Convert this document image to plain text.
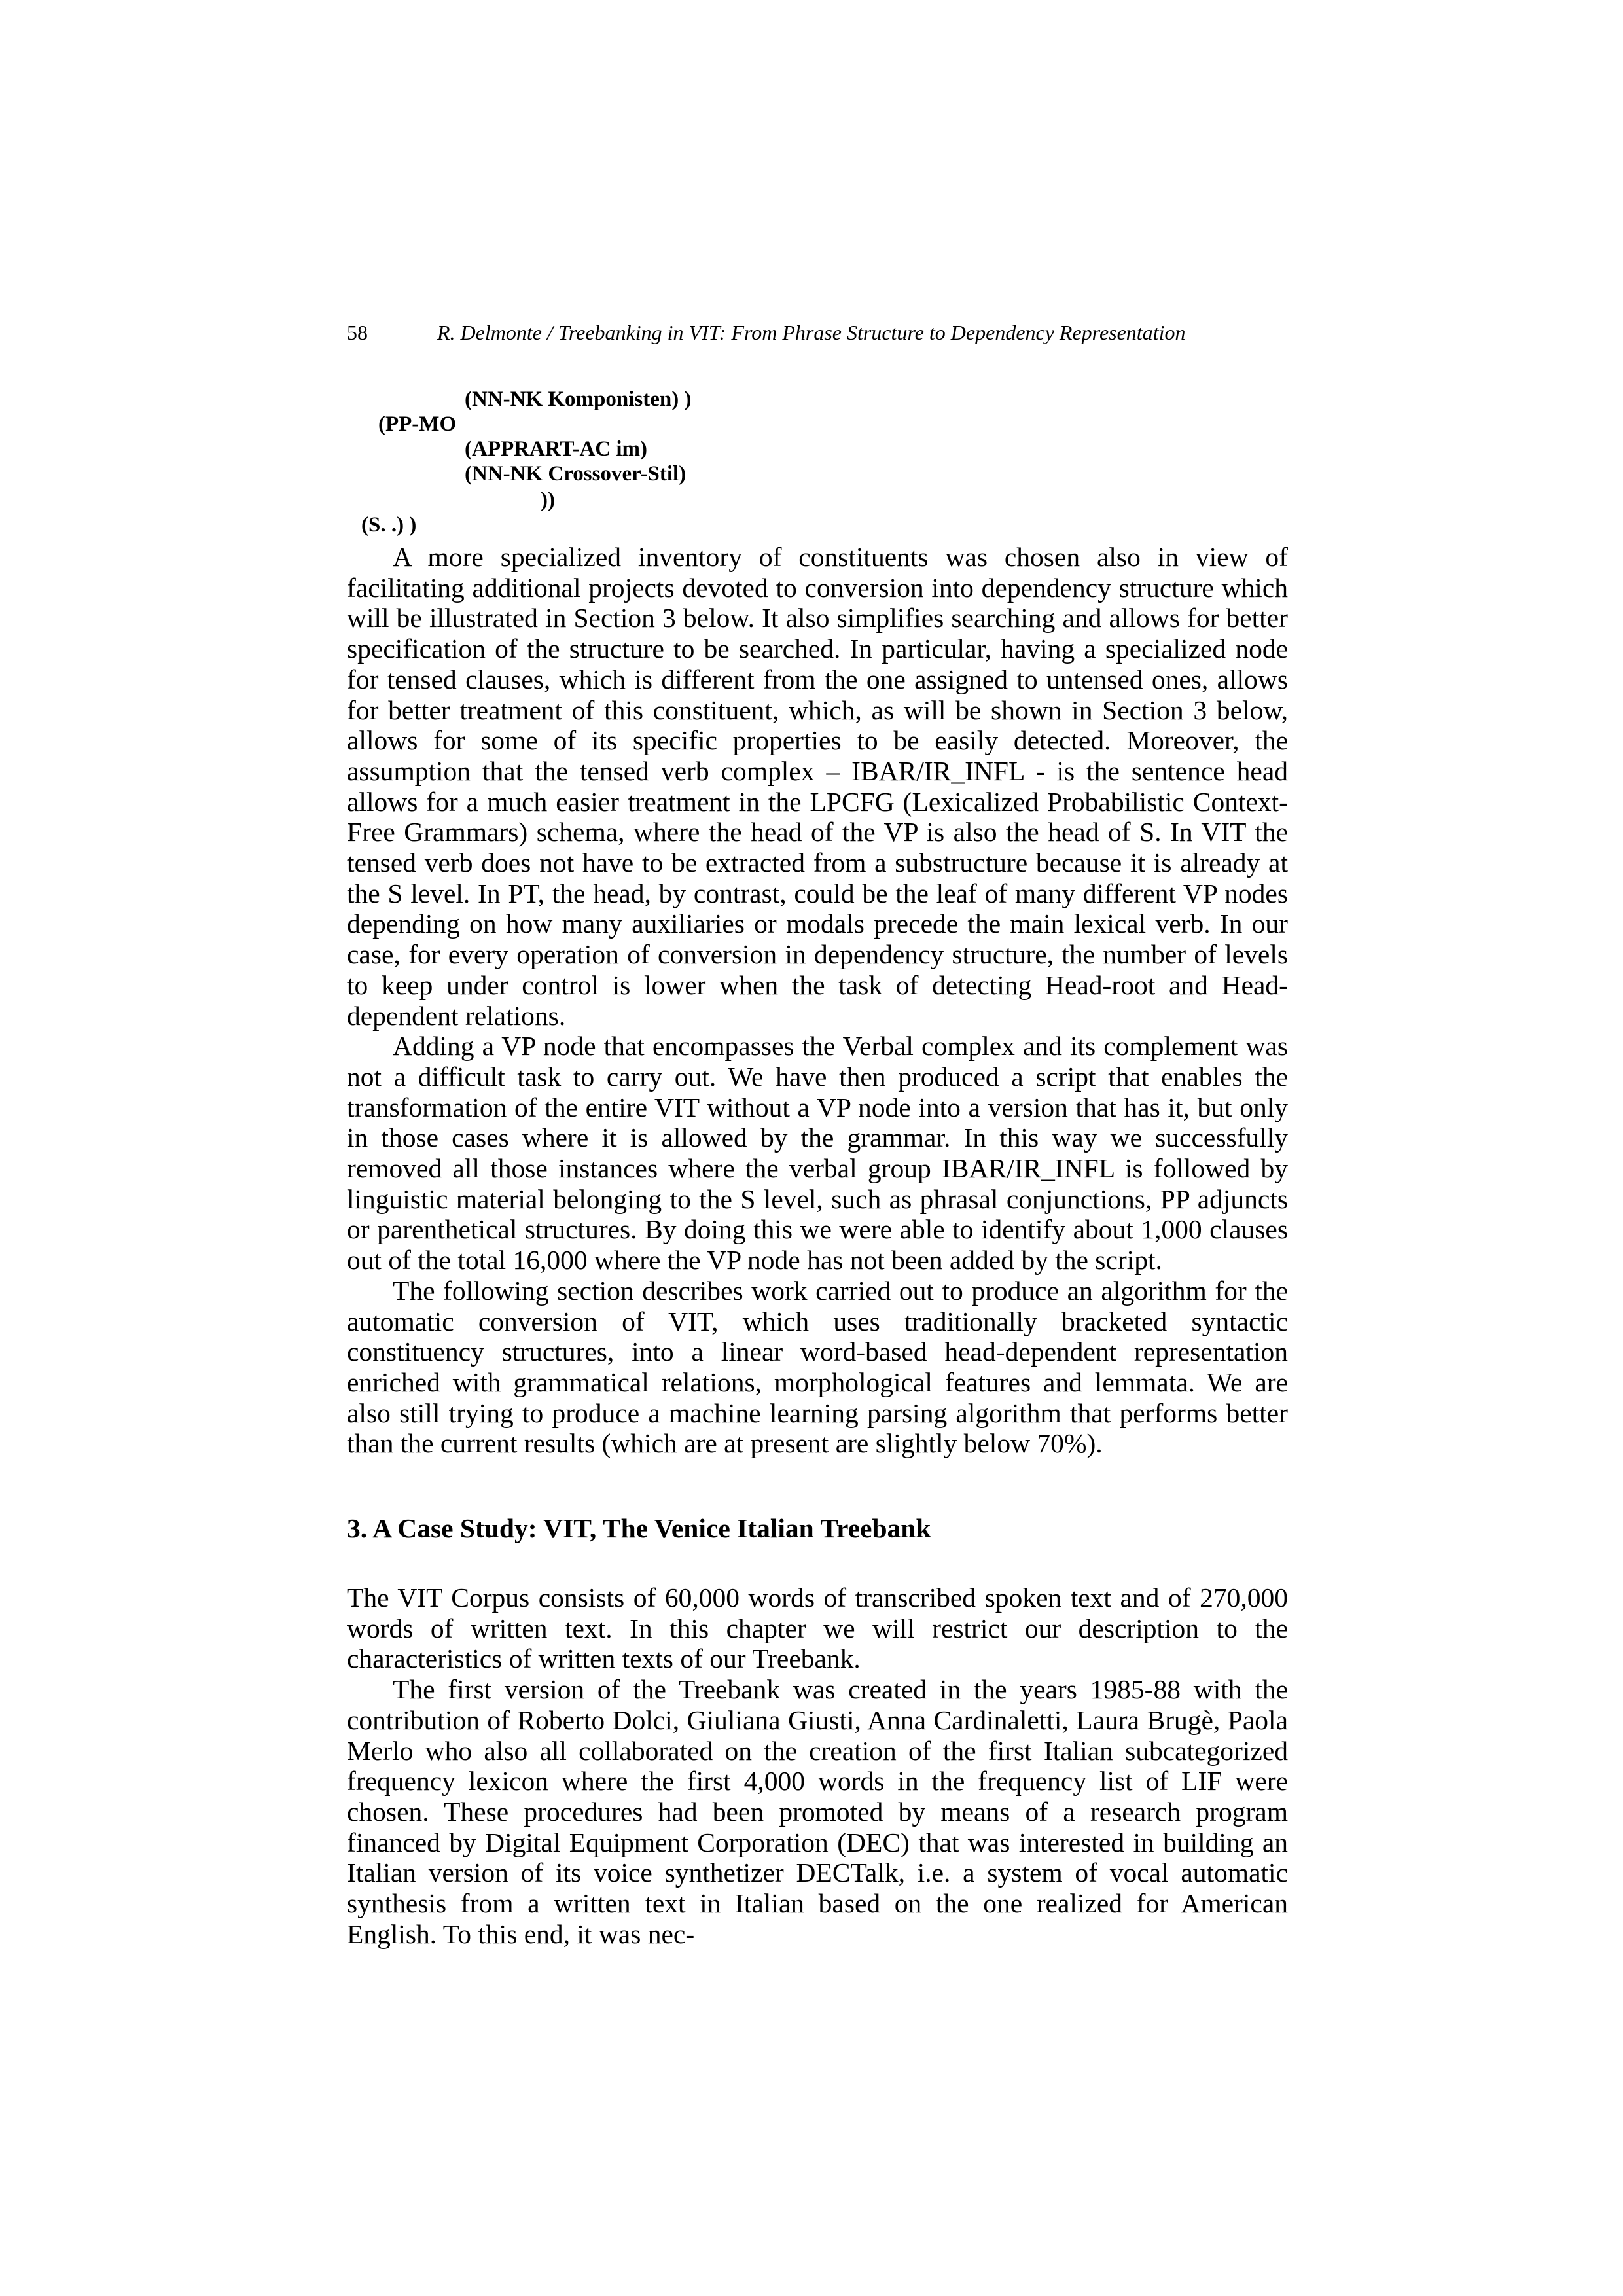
58	R. Delmonte / Treebanking in VIT: From Phrase Structure to Dependency Representation
(NN-NK Komponisten) )
(PP-MO
(APPRART-AC im)
(NN-NK Crossover-Stil)
))
(S. .) )

A more specialized inventory of constituents was chosen also in view of facilitating additional projects devoted to conversion into dependency structure which will be illustrated in Section 3 below. It also simplifies searching and allows for better specification of the structure to be searched. In particular, having a specialized node for tensed clauses, which is different from the one assigned to untensed ones, allows for better treatment of this constituent, which, as will be shown in Section 3 below, allows for some of its specific properties to be easily detected. Moreover, the assumption that the tensed verb complex – IBAR/IR_INFL - is the sentence head allows for a much easier treatment in the LPCFG (Lexicalized Probabilistic Context-Free Grammars) schema, where the head of the VP is also the head of S. In VIT the tensed verb does not have to be extracted from a substructure because it is already at the S level. In PT, the head, by contrast, could be the leaf of many different VP nodes depending on how many auxiliaries or modals precede the main lexical verb. In our case, for every operation of conversion in dependency structure, the number of levels to keep under control is lower when the task of detecting Head-root and Head-dependent relations.

Adding a VP node that encompasses the Verbal complex and its complement was not a difficult task to carry out. We have then produced a script that enables the transformation of the entire VIT without a VP node into a version that has it, but only in those cases where it is allowed by the grammar. In this way we successfully removed all those instances where the verbal group IBAR/IR_INFL is followed by linguistic material belonging to the S level, such as phrasal conjunctions, PP adjuncts or parenthetical structures. By doing this we were able to identify about 1,000 clauses out of the total 16,000 where the VP node has not been added by the script.

The following section describes work carried out to produce an algorithm for the automatic conversion of VIT, which uses traditionally bracketed syntactic constituency structures, into a linear word-based head-dependent representation enriched with grammatical relations, morphological features and lemmata. We are also still trying to produce a machine learning parsing algorithm that performs better than the current results (which are at present are slightly below 70%).

3. A Case Study: VIT, The Venice Italian Treebank

The VIT Corpus consists of 60,000 words of transcribed spoken text and of 270,000 words of written text. In this chapter we will restrict our description to the characteristics of written texts of our Treebank.

The first version of the Treebank was created in the years 1985-88 with the contribution of Roberto Dolci, Giuliana Giusti, Anna Cardinaletti, Laura Brugè, Paola Merlo who also all collaborated on the creation of the first Italian subcategorized frequency lexicon where the first 4,000 words in the frequency list of LIF were chosen. These procedures had been promoted by means of a research program financed by Digital Equipment Corporation (DEC) that was interested in building an Italian version of its voice synthetizer DECTalk, i.e. a system of vocal automatic synthesis from a written text in Italian based on the one realized for American English. To this end, it was nec-
